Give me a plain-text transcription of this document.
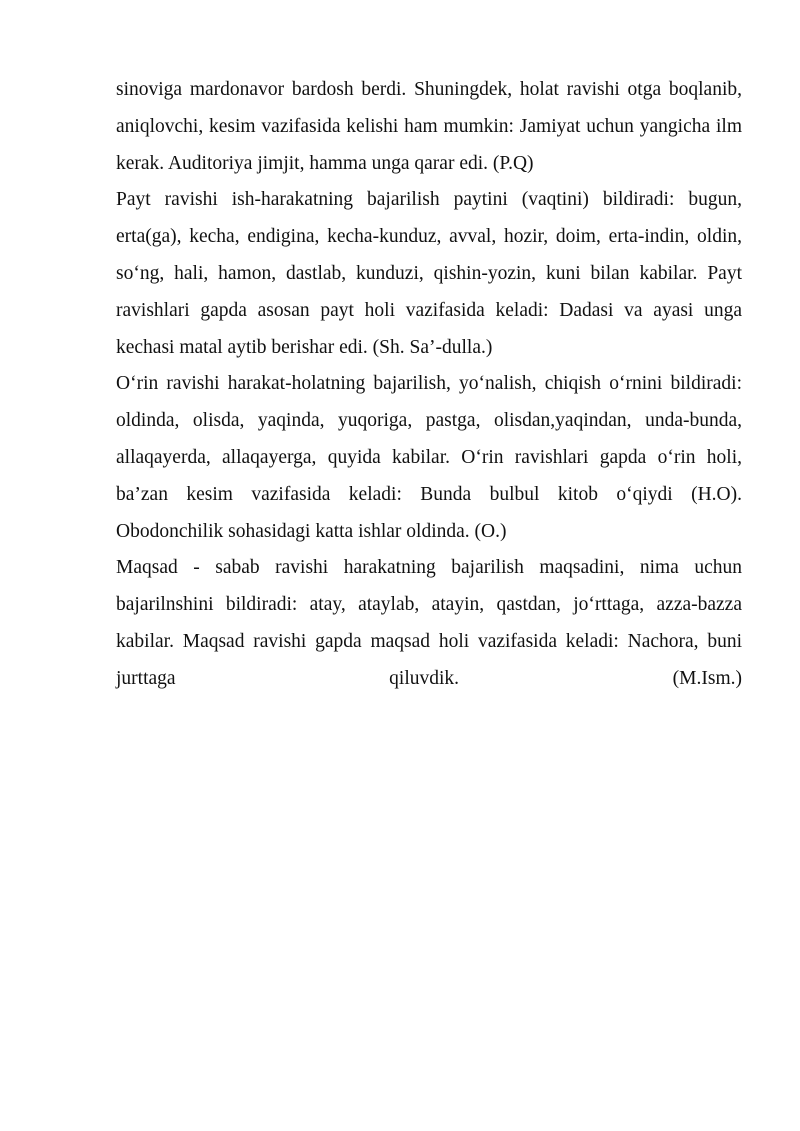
sinoviga mardonavor bardosh berdi. Shuningdek, holat ravishi otga boqlanib, aniqlovchi, kesim vazifasida kelishi ham mumkin: Jamiyat uchun yangicha ilm kerak. Auditoriya jimjit, hamma unga qarar edi. (P.Q)

Payt ravishi ish-harakatning bajarilish paytini (vaqtini) bildiradi: bugun, erta(ga), kecha, endigina, kecha-kunduz, avval, hozir, doim, erta-indin, oldin, so‘ng, hali, hamon, dastlab, kunduzi, qishin-yozin, kuni bilan kabilar. Payt ravishlari gapda asosan payt holi vazifasida keladi: Dadasi va ayasi unga kechasi matal aytib berishar edi. (Sh. Sa’-dulla.)

O‘rin ravishi harakat-holatning bajarilish, yo‘nalish, chiqish o‘rnini bildiradi: oldinda, olisda, yaqinda, yuqoriga, pastga, olisdan,yaqindan, unda-bunda, allaqayerda, allaqayerga, quyida kabilar. O‘rin ravishlari gapda o‘rin holi, ba’zan kesim vazifasida keladi: Bunda bulbul kitob o‘qiydi (H.O). Obodonchilik sohasidagi katta ishlar oldinda. (O.)

Maqsad - sabab ravishi harakatning bajarilish maqsadini, nima uchun bajarilnshini bildiradi: atay, ataylab, atayin, qastdan, jo‘rttaga, azza-bazza kabilar. Maqsad ravishi gapda maqsad holi vazifasida keladi: Nachora, buni jurttaga qiluvdik. (M.Ism.)
